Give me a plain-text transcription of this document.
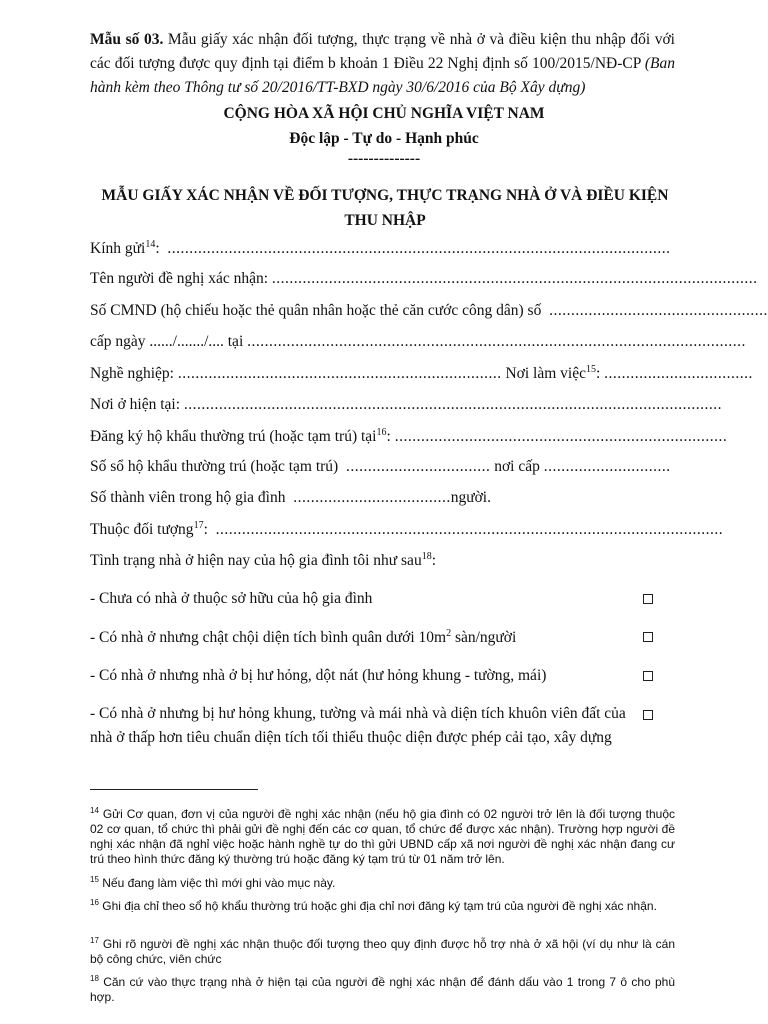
Mẫu số 03. Mẫu giấy xác nhận đối tượng, thực trạng về nhà ở và điều kiện thu nhập đối với các đối tượng được quy định tại điểm b khoản 1 Điều 22 Nghị định số 100/2015/NĐ-CP (Ban hành kèm theo Thông tư số 20/2016/TT-BXD ngày 30/6/2016 của Bộ Xây dựng)
CỘNG HÒA XÃ HỘI CHỦ NGHĨA VIỆT NAM
Độc lập - Tự do - Hạnh phúc
--------------
MẪU GIẤY XÁC NHẬN VỀ ĐỐI TƯỢNG, THỰC TRẠNG NHÀ Ở VÀ ĐIỀU KIỆN THU NHẬP
Kính gửi$^{14}$: ...................................................................................................................
Tên người đề nghị xác nhận: ...............................................................................................................
Số CMND (hộ chiếu hoặc thẻ quân nhân hoặc thẻ căn cước công dân) số ..................................................
cấp ngày ....../......./.... tại ..................................................................................................................
Nghề nghiệp: .......................................................................... Nơi làm việc$^{15}$: ..................................
Nơi ở hiện tại: ...........................................................................................................................
Đăng ký hộ khẩu thường trú (hoặc tạm trú) tại$^{16}$: ............................................................................
Số sổ hộ khẩu thường trú (hoặc tạm trú) ................................. nơi cấp .............................
Số thành viên trong hộ gia đình ....................................người.
Thuộc đối tượng$^{17}$: ....................................................................................................................
Tình trạng nhà ở hiện nay của hộ gia đình tôi như sau$^{18}$:
- Chưa có nhà ở thuộc sở hữu của hộ gia đình
- Có nhà ở nhưng chật chội diện tích bình quân dưới $10m^2$ sàn/người
- Có nhà ở nhưng nhà ở bị hư hỏng, dột nát (hư hỏng khung - tường, mái)
- Có nhà ở nhưng bị hư hỏng khung, tường và mái nhà và diện tích khuôn viên đất của nhà ở thấp hơn tiêu chuẩn diện tích tối thiểu thuộc diện được phép cải tạo, xây dựng
$^{14}$ Gửi Cơ quan, đơn vị của người đề nghị xác nhận (nếu hộ gia đình có 02 người trở lên là đối tượng thuộc 02 cơ quan, tổ chức thì phải gửi đề nghị đến các cơ quan, tổ chức để được xác nhận). Trường hợp người đề nghị xác nhận đã nghỉ việc hoặc hành nghề tự do thì gửi UBND cấp xã nơi người đề nghị xác nhận đang cư trú theo hình thức đăng ký thường trú hoặc đăng ký tạm trú từ 01 năm trở lên.
$^{15}$ Nếu đang làm việc thì mới ghi vào mục này.
$^{16}$ Ghi địa chỉ theo sổ hộ khẩu thường trú hoặc ghi địa chỉ nơi đăng ký tạm trú của người đề nghị xác nhận.
$^{17}$ Ghi rõ người đề nghị xác nhận thuộc đối tượng theo quy định được hỗ trợ nhà ở xã hội (ví dụ như là cán bộ công chức, viên chức
$^{18}$ Căn cứ vào thực trạng nhà ở hiện tại của người đề nghị xác nhận để đánh dấu vào 1 trong 7 ô cho phù hợp.
